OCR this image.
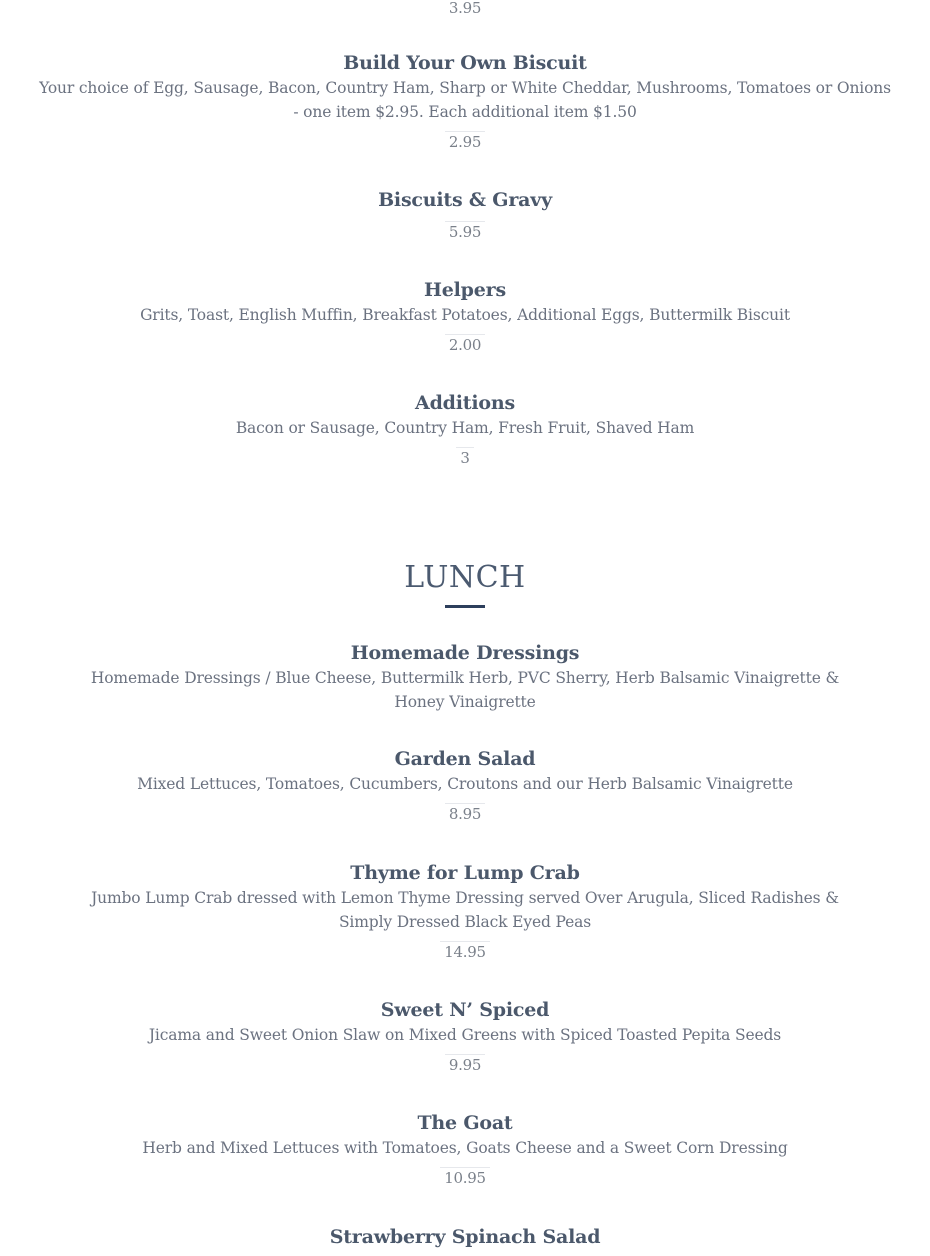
3.95
Build Your Own Biscuit

Your choice of Egg, Sausage, Bacon, Country Ham, Sharp or White Cheddar, Mushrooms, Tomatoes or Onions - one item $2.95. Each additional item $1.50

2.95
Biscuits & Gravy
5.95
Helpers

Grits, Toast, English Muffin, Breakfast Potatoes, Additional Eggs, Buttermilk Biscuit

2.00
Additions

Bacon or Sausage, Country Ham, Fresh Fruit, Shaved Ham

3
LUNCH
Homemade Dressings

Homemade Dressings / Blue Cheese, Buttermilk Herb, PVC Sherry, Herb Balsamic Vinaigrette & Honey Vinaigrette

Garden Salad

Mixed Lettuces, Tomatoes, Cucumbers, Croutons and our Herb Balsamic Vinaigrette

8.95
Thyme for Lump Crab

Jumbo Lump Crab dressed with Lemon Thyme Dressing served Over Arugula, Sliced Radishes & Simply Dressed Black Eyed Peas

14.95
Sweet N’ Spiced

Jicama and Sweet Onion Slaw on Mixed Greens with Spiced Toasted Pepita Seeds

9.95
The Goat

Herb and Mixed Lettuces with Tomatoes, Goats Cheese and a Sweet Corn Dressing

10.95
Strawberry Spinach Salad
